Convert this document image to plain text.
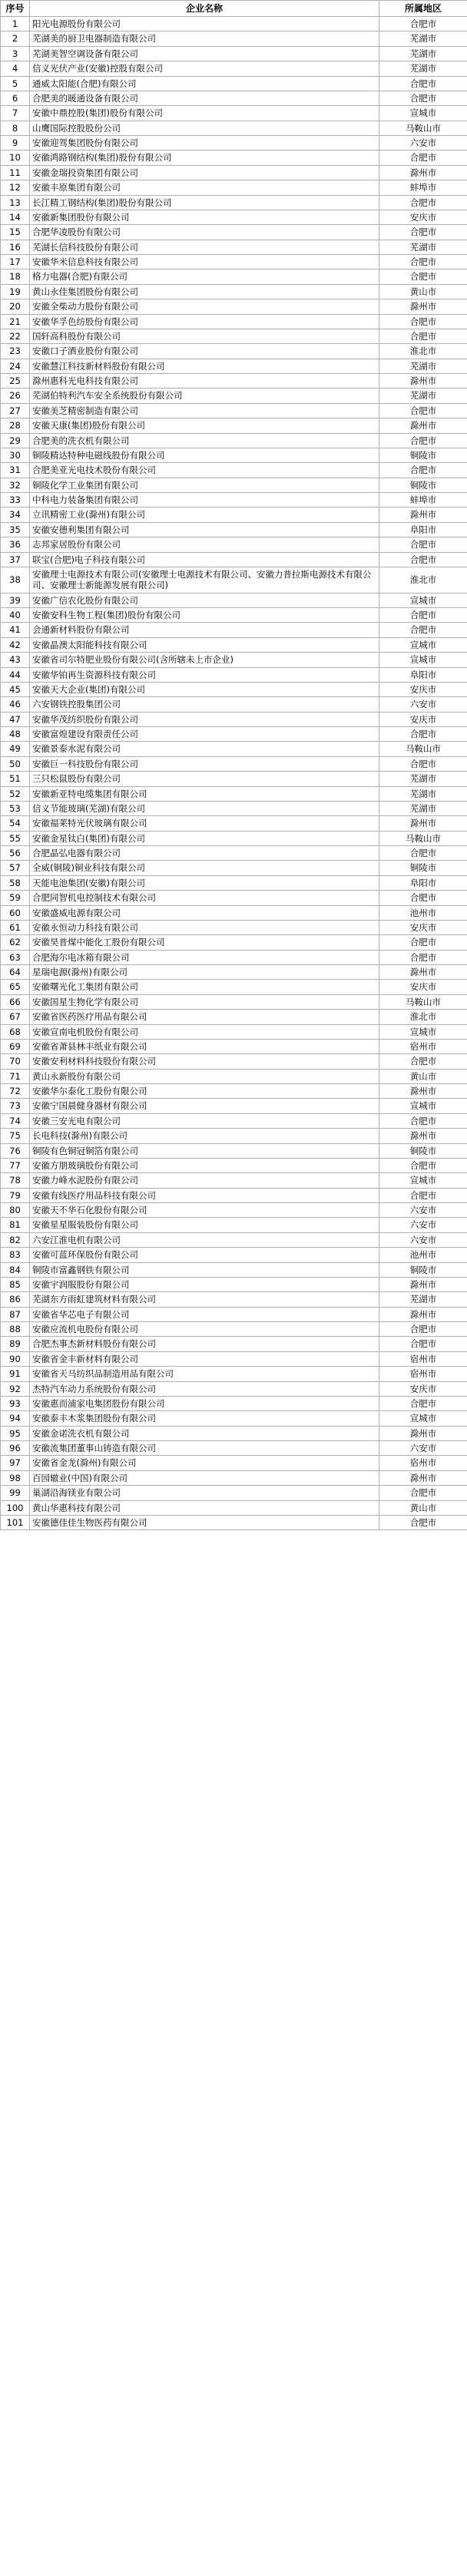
序号	企业名称	所属地区
1	阳光电源股份有限公司	合肥市
2	芜湖美的厨卫电器制造有限公司	芜湖市
3	芜湖美智空调设备有限公司	芜湖市
4	信义光伏产业(安徽)控股有限公司	芜湖市
5	通威太阳能(合肥)有限公司	合肥市
6	合肥美的暖通设备有限公司	合肥市
7	安徽中鼎控股(集团)股份有限公司	宣城市
8	山鹰国际控股股份公司	马鞍山市
9	安徽迎驾集团股份有限公司	六安市
10	安徽鸿路钢结构(集团)股份有限公司	合肥市
11	安徽金瑞投资集团有限公司	滁州市
12	安徽丰原集团有限公司	蚌埠市
13	长江精工钢结构(集团)股份有限公司	合肥市
14	安徽新集团股份有限公司	安庆市
15	合肥华凌股份有限公司	合肥市
16	芜湖长信科技股份有限公司	芜湖市
17	安徽华米信息科技有限公司	合肥市
18	格力电器(合肥)有限公司	合肥市
19	黄山永佳集团股份有限公司	黄山市
20	安徽全柴动力股份有限公司	滁州市
21	安徽华孚色纺股份有限公司	合肥市
22	国轩高科股份有限公司	合肥市
23	安徽口子酒业股份有限公司	淮北市
24	安徽慧江科技新材料股份有限公司	芜湖市
25	滁州惠科光电科技有限公司	滁州市
26	芜湖伯特利汽车安全系统股份有限公司	芜湖市
27	安徽美芝精密制造有限公司	合肥市
28	安徽天康(集团)股份有限公司	滁州市
29	合肥美的洗衣机有限公司	合肥市
30	铜陵精达特种电磁线股份有限公司	铜陵市
31	合肥美亚光电技术股份有限公司	合肥市
32	铜陵化学工业集团有限公司	铜陵市
33	中科电力装备集团有限公司	蚌埠市
34	立讯精密工业(滁州)有限公司	滁州市
35	安徽安德利集团有限公司	阜阳市
36	志邦家居股份有限公司	合肥市
37	联宝(合肥)电子科技有限公司	合肥市
38	安徽理士电源技术有限公司(安徽理士电源技术有限公司、安徽力普拉斯电源技术有限公司、安徽理士新能源发展有限公司)	淮北市
39	安徽广信农化股份有限公司	宣城市
40	安徽安科生物工程(集团)股份有限公司	合肥市
41	会通新材料股份有限公司	合肥市
42	安徽晶澳太阳能科技有限公司	宣城市
43	安徽省司尔特肥业股份有限公司(含所辖未上市企业)	宣城市
44	安徽华铂再生资源科技有限公司	阜阳市
45	安徽天大企业(集团)有限公司	安庆市
46	六安钢铁控股集团公司	六安市
47	安徽华茂纺织股份有限公司	安庆市
48	安徽富煌建设有限责任公司	合肥市
49	安徽景泰水泥有限公司	马鞍山市
50	安徽巨一科技股份有限公司	合肥市
51	三只松鼠股份有限公司	芜湖市
52	安徽新亚特电缆集团有限公司	芜湖市
53	信义节能玻璃(芜湖)有限公司	芜湖市
54	安徽福莱特光伏玻璃有限公司	滁州市
55	安徽金星钛白(集团)有限公司	马鞍山市
56	合肥晶弘电器有限公司	合肥市
57	全威(铜陵)铜业科技有限公司	铜陵市
58	天能电池集团(安徽)有限公司	阜阳市
59	合肥同智机电控制技术有限公司	合肥市
60	安徽盛威电源有限公司	池州市
61	安徽永恒动力科技有限公司	安庆市
62	安徽昊普煤中能化工股份有限公司	合肥市
63	合肥海尔电冰箱有限公司	合肥市
64	星瑞电源(滁州)有限公司	滁州市
65	安徽曙光化工集团有限公司	安庆市
66	安徽国星生物化学有限公司	马鞍山市
67	安徽省医药医疗用品有限公司	淮北市
68	安徽宣南电机股份有限公司	宣城市
69	安徽省萧县林丰纸业有限公司	宿州市
70	安徽安利材料科技股份有限公司	合肥市
71	黄山永新股份有限公司	黄山市
72	安徽华尔泰化工股份有限公司	滁州市
73	安徽宁国晨健身器材有限公司	宣城市
74	安徽三安光电有限公司	合肥市
75	长电科技(滁州)有限公司	滁州市
76	铜陵有色铜冠铜箔有限公司	铜陵市
77	安徽方朋玻璃股份有限公司	合肥市
78	安徽力峰水泥股份有限公司	宣城市
79	安徽有线医疗用品科技有限公司	合肥市
80	安徽天不华石化股份有限公司	六安市
81	安徽星星服装股份有限公司	六安市
82	六安江淮电机有限公司	六安市
83	安徽可蓝环保股份有限公司	池州市
84	铜陵市富鑫钢铁有限公司	铜陵市
85	安徽宇润服股份有限公司	滁州市
86	芜湖东方雨虹建筑材料有限公司	芜湖市
87	安徽省华芯电子有限公司	滁州市
88	安徽应流机电股份有限公司	合肥市
89	合肥杰事杰新材料股份有限公司	合肥市
90	安徽省金丰新材料有限公司	宿州市
91	安徽省天马纺织品制造用品有限公司	宿州市
92	杰特汽车动力系统股份有限公司	安庆市
93	安徽惠而浦家电集团股份有限公司	合肥市
94	安徽泰丰木浆集团股份有限公司	宣城市
95	安徽金诺洗衣机有限公司	滁州市
96	安徽流集团董事山铸造有限公司	六安市
97	安徽省金龙(滁州)有限公司	宿州市
98	百园辙业(中国)有限公司	滁州市
99	巢湖沿海镁业有限公司	合肥市
100	黄山华惠科技有限公司	黄山市
101	安徽德佳佳生物医药有限公司	合肥市
